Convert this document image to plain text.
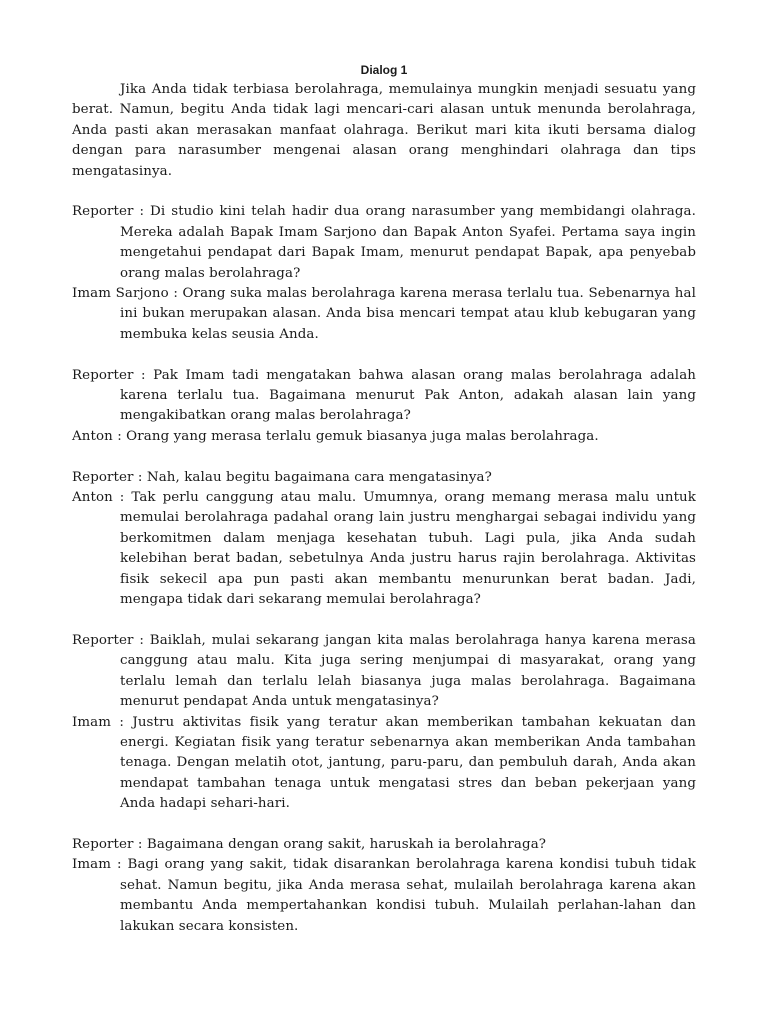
Dialog 1

Jika Anda tidak terbiasa berolahraga, memulainya mungkin menjadi sesuatu yang berat. Namun, begitu Anda tidak lagi mencari-cari alasan untuk menunda berolahraga, Anda pasti akan merasakan manfaat olahraga. Berikut mari kita ikuti bersama dialog dengan para narasumber mengenai alasan orang menghindari olahraga dan tips mengatasinya.

Reporter : Di studio kini telah hadir dua orang narasumber yang membidangi olahraga. Mereka adalah Bapak Imam Sarjono dan Bapak Anton Syafei. Pertama saya ingin mengetahui pendapat dari Bapak Imam, menurut pendapat Bapak, apa penyebab orang malas berolahraga?

Imam Sarjono : Orang suka malas berolahraga karena merasa terlalu tua. Sebenarnya hal ini bukan merupakan alasan. Anda bisa mencari tempat atau klub kebugaran yang membuka kelas seusia Anda.

Reporter : Pak Imam tadi mengatakan bahwa alasan orang malas berolahraga adalah karena terlalu tua. Bagaimana menurut Pak Anton, adakah alasan lain yang mengakibatkan orang malas berolahraga?

Anton : Orang yang merasa terlalu gemuk biasanya juga malas berolahraga.

Reporter : Nah, kalau begitu bagaimana cara mengatasinya?

Anton : Tak perlu canggung atau malu. Umumnya, orang memang merasa malu untuk memulai berolahraga padahal orang lain justru menghargai sebagai individu yang berkomitmen dalam menjaga kesehatan tubuh. Lagi pula, jika Anda sudah kelebihan berat badan, sebetulnya Anda justru harus rajin berolahraga. Aktivitas fisik sekecil apa pun pasti akan membantu menurunkan berat badan. Jadi, mengapa tidak dari sekarang memulai berolahraga?

Reporter : Baiklah, mulai sekarang jangan kita malas berolahraga hanya karena merasa canggung atau malu. Kita juga sering menjumpai di masyarakat, orang yang terlalu lemah dan terlalu lelah biasanya juga malas berolahraga. Bagaimana menurut pendapat Anda untuk mengatasinya?

Imam : Justru aktivitas fisik yang teratur akan memberikan tambahan kekuatan dan energi. Kegiatan fisik yang teratur sebenarnya akan memberikan Anda tambahan tenaga. Dengan melatih otot, jantung, paru-paru, dan pembuluh darah, Anda akan mendapat tambahan tenaga untuk mengatasi stres dan beban pekerjaan yang Anda hadapi sehari-hari.

Reporter : Bagaimana dengan orang sakit, haruskah ia berolahraga?

Imam : Bagi orang yang sakit, tidak disarankan berolahraga karena kondisi tubuh tidak sehat. Namun begitu, jika Anda merasa sehat, mulailah berolahraga karena akan membantu Anda mempertahankan kondisi tubuh. Mulailah perlahan-lahan dan lakukan secara konsisten.
